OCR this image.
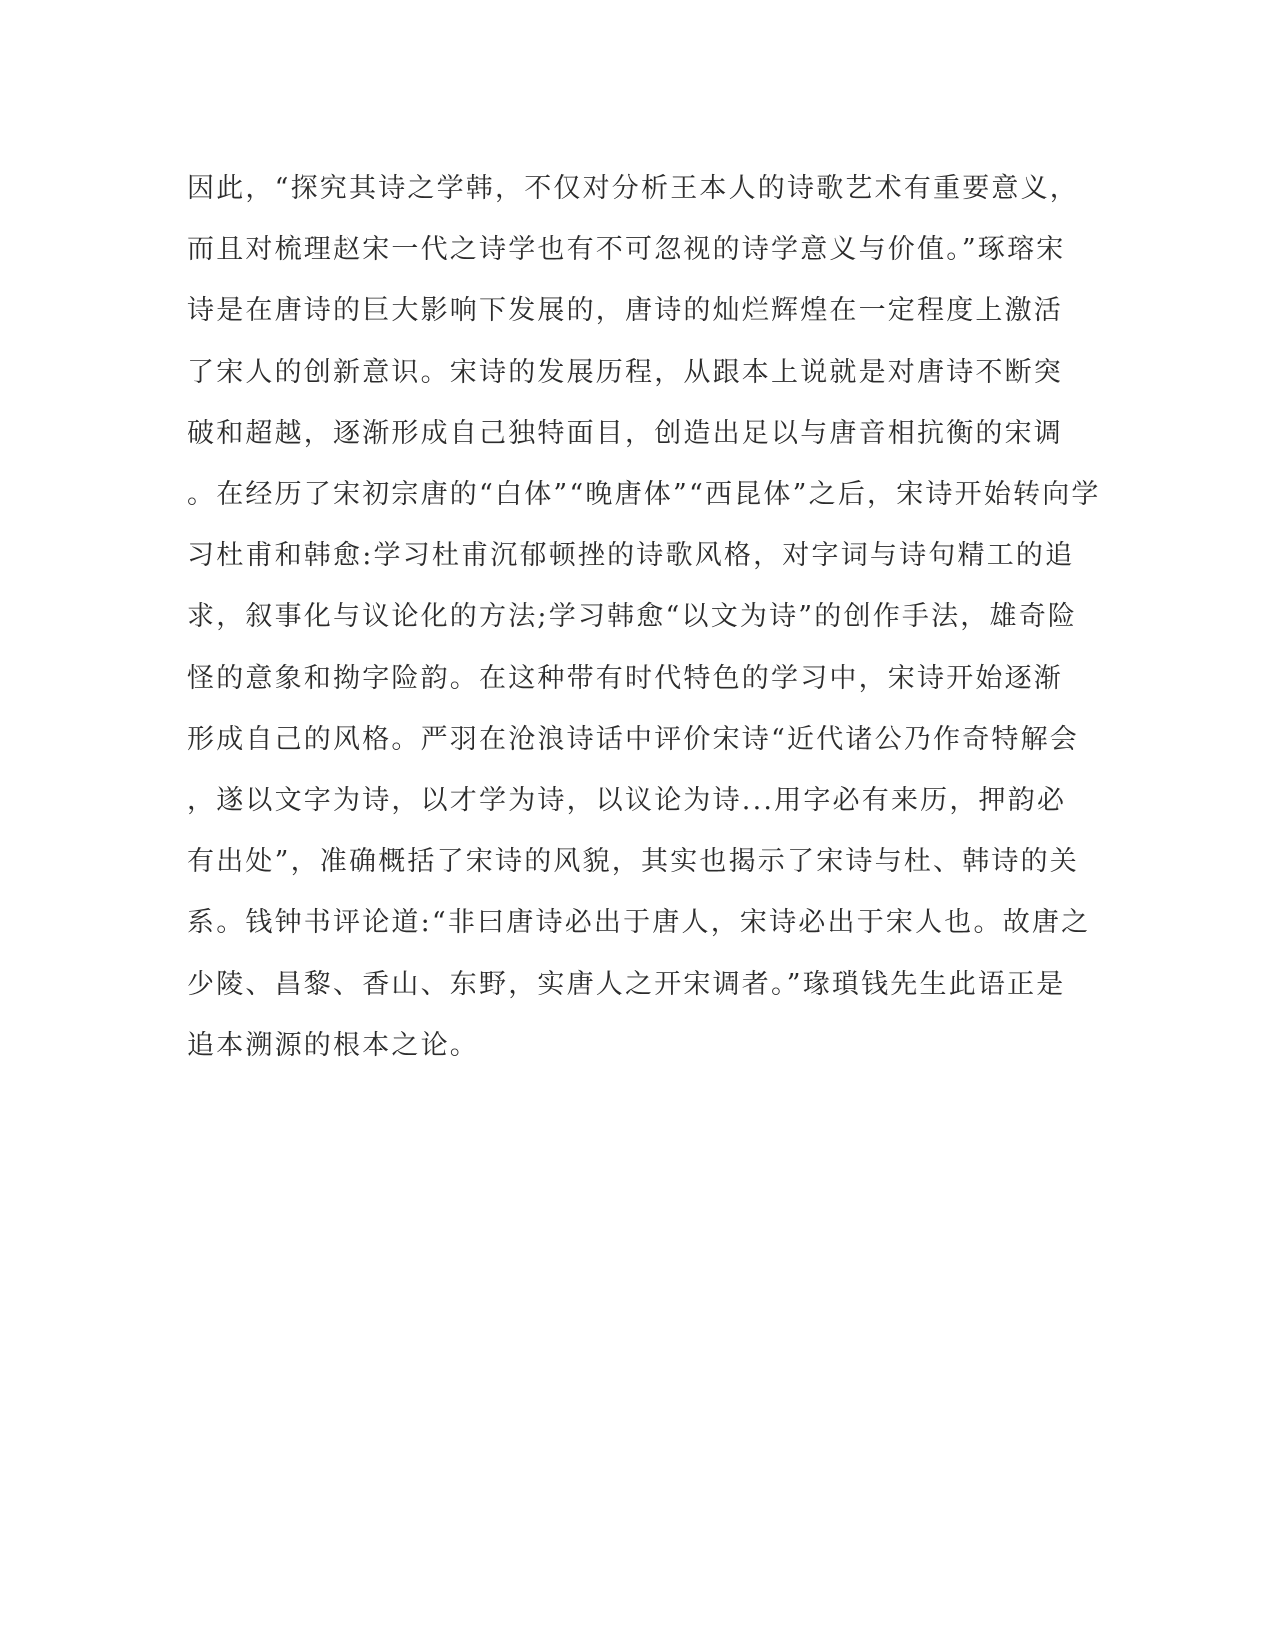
因此，“探究其诗之学韩，不仅对分析王本人的诗歌艺术有重要意义，
而且对梳理赵宋一代之诗学也有不可忽视的诗学意义与价值。”琢瑢宋
诗是在唐诗的巨大影响下发展的，唐诗的灿烂辉煌在一定程度上激活
了宋人的创新意识。宋诗的发展历程，从跟本上说就是对唐诗不断突
破和超越，逐渐形成自己独特面目，创造出足以与唐音相抗衡的宋调
。在经历了宋初宗唐的“白体”“晚唐体”“西昆体”之后，宋诗开始转向学
习杜甫和韩愈:学习杜甫沉郁顿挫的诗歌风格，对字词与诗句精工的追
求，叙事化与议论化的方法;学习韩愈“以文为诗”的创作手法，雄奇险
怪的意象和拗字险韵。在这种带有时代特色的学习中，宋诗开始逐渐
形成自己的风格。严羽在沧浪诗话中评价宋诗“近代诸公乃作奇特解会
，遂以文字为诗，以才学为诗，以议论为诗...用字必有来历，押韵必
有出处”，准确概括了宋诗的风貌，其实也揭示了宋诗与杜、韩诗的关
系。钱钟书评论道:“非曰唐诗必出于唐人，宋诗必出于宋人也。故唐之
少陵、昌黎、香山、东野，实唐人之开宋调者。”瑑瑣钱先生此语正是
追本溯源的根本之论。
